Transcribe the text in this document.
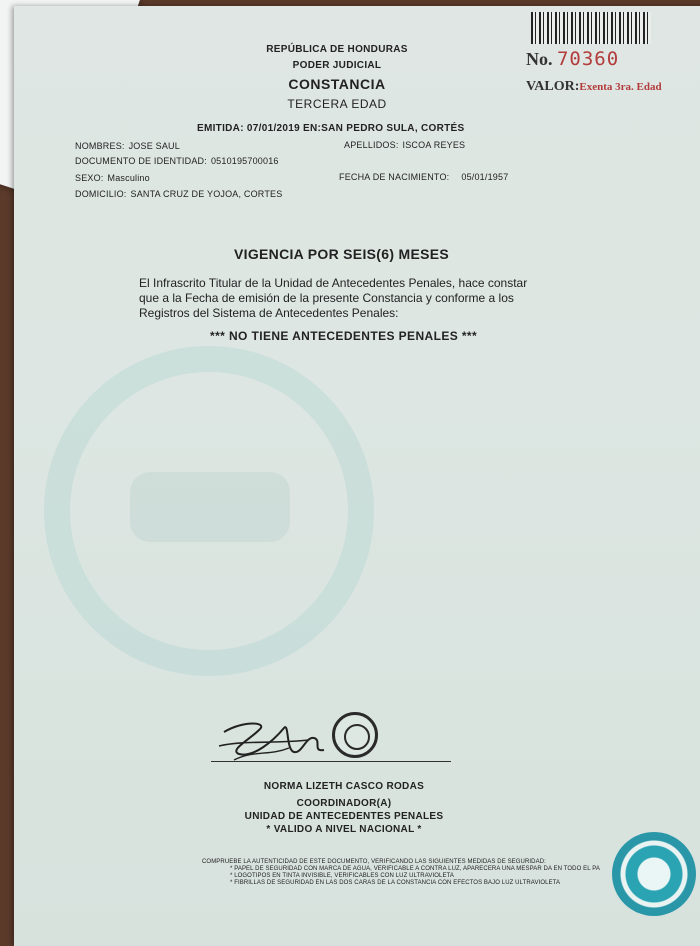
No. 70360
VALOR:Exenta 3ra. Edad
REPÚBLICA DE HONDURAS
PODER JUDICIAL
CONSTANCIA
TERCERA EDAD
EMITIDA: 07/01/2019 EN:SAN PEDRO SULA, CORTÉS
NOMBRES: JOSE SAUL	APELLIDOS: ISCOA REYES
DOCUMENTO DE IDENTIDAD: 0510195700016
SEXO: Masculino	FECHA DE NACIMIENTO: 05/01/1957
DOMICILIO: SANTA CRUZ DE YOJOA, CORTES
VIGENCIA POR SEIS(6) MESES
El Infrascrito Titular de la Unidad de Antecedentes Penales, hace constar
que a la Fecha de emisión de la presente Constancia y conforme a los
Registros del Sistema de Antecedentes Penales:
*** NO TIENE ANTECEDENTES PENALES ***
NORMA LIZETH CASCO RODAS
COORDINADOR(A)
UNIDAD DE ANTECEDENTES PENALES
* VALIDO A NIVEL NACIONAL *
COMPRUEBE LA AUTENTICIDAD DE ESTE DOCUMENTO, VERIFICANDO LAS SIGUIENTES MEDIDAS DE SEGURIDAD:
* PAPEL DE SEGURIDAD CON MARCA DE AGUA, VERIFICABLE A CONTRA LUZ, APARECERA UNA MESPAR DA EN TODO EL PA
* LOGOTIPOS EN TINTA INVISIBLE, VERIFICABLES CON LUZ ULTRAVIOLETA
* FIBRILLAS DE SEGURIDAD EN LAS DOS CARAS DE LA CONSTANCIA CON EFECTOS BAJO LUZ ULTRAVIOLETA
